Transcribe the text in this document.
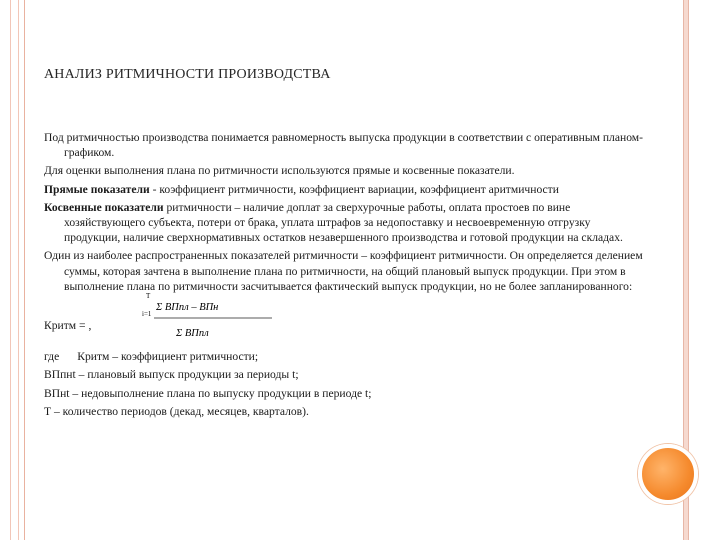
АНАЛИЗ РИТМИЧНОСТИ ПРОИЗВОДСТВА

Под ритмичностью производства понимается равномерность выпуска продукции в соответствии с оперативным планом-графиком.

Для оценки выполнения плана по ритмичности используются прямые и косвенные показатели.

Прямые показатели - коэффициент ритмичности, коэффициент вариации, коэффициент аритмичности

Косвенные показатели ритмичности – наличие доплат за сверхурочные работы, оплата простоев по вине хозяйствующего субъекта, потери от брака, уплата штрафов за недопоставку и несвоевременную отгрузку продукции, наличие сверхнормативных остатков незавершенного производства и готовой продукции на складах.

Один из наиболее распространенных показателей ритмичности – коэффициент ритмичности. Он определяется делением суммы, которая зачтена в выполнение плана по ритмичности, на общий плановый выпуск продукции. При этом в выполнение плана по ритмичности засчитывается фактический выпуск продукции, но не более запланированного:

Критм = ,
T
i=1
Σ ВПпл – ВПн
Σ ВПпл
где Критм – коэффициент ритмичности;
ВПпнt – плановый выпуск продукции за периоды t;
ВПнt – недовыполнение плана по выпуску продукции в периоде t;
Т – количество периодов (декад, месяцев, кварталов).
